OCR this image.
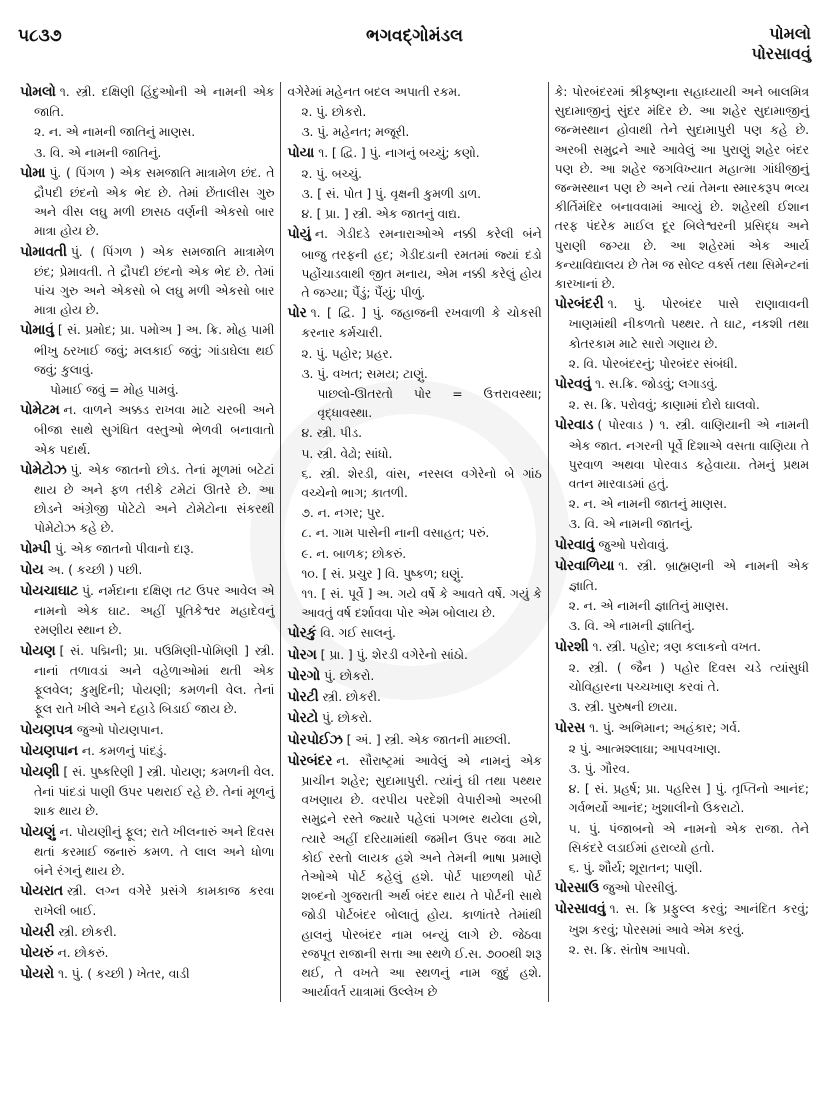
૫૮૩૭	ભગવદ્ગોમંડલ	પોમલો
પોરસાવવું

પોમલો ૧. સ્ત્રી. દક્ષિણી હિંદુઓની એ નામની એક જાતિ.

૨. ન. એ નામની જાતિનું માણસ.

૩. વિ. એ નામની જાતિનું.

પોમા પું. ( પિંગળ ) એક સમજાતિ માત્રામેળ છંદ. તે દ્રૌપદી છંદનો એક ભેદ છે. તેમાં છેંતાલીસ ગુરુ અને વીસ લઘુ મળી છાસઠ વર્ણની એકસો બાર માત્રા હોય છે.

પોમાવતી પું. ( પિંગળ ) એક સમજાતિ માત્રામેળ છંદ; પ્રેમાવતી. તે દ્રૌપદી છંદનો એક ભેદ છે. તેમાં પાંચ ગુરુ અને એકસો બે લઘુ મળી એકસો બાર માત્રા હોય છે.

પોમાવું [ સં. પ્રમોદ; પ્રા. પમોઅ ] અ. ક્રિ. મોહ પામી ભીખુ ઠરખાઈ જવું; મલકાઈ જવું; ગાંડાઘેલા થઈ જવું; કુલાવું.

પોમાઈ જવું = મોહ પામવું.

પોમેટમ ન. વાળને અક્કડ રાખવા માટે ચરબી અને બીજા સાથે સુગંધિત વસ્તુઓ ભેળવી બનાવાતો એક પદાર્થ.

પોમેટોઝ પું. એક જાતનો છોડ. તેનાં મૂળમાં બટેટાં થાય છે અને ફળ તરીકે ટમેટાં ઊતરે છે. આ છોડને અંગ્રેજી પોટેટો અને ટોમેટોના સંકરથી પોમેટોઝ કહે છે.

પોમ્પી પું. એક જાતનો પીવાનો દારૂ.

પોય અ. ( કચ્છી ) પછી.

પોયચાઘાટ પું. નર્મદાના દક્ષિણ તટ ઉપર આવેલ એ નામનો એક ઘાટ. અહીં પૂતિકેશ્વર મહાદેવનું રમણીય સ્થાન છે.

પોયણ [ સં. પદ્મિની; પ્રા. પઉમિણી-પોમિણી ] સ્ત્રી. નાનાં તળાવડાં અને વહેળાઓમાં થતી એક ફૂલવેલ; કુમુદિની; પોયણી; કમળની વેલ. તેનાં ફૂલ રાતે ખીલે અને દહાડે બિડાઈ જાય છે.

પોયણપત્ર જુઓ પોયણપાન.

પોયણપાન ન. કમળનું પાંદડું.

પોયણી [ સં. પુષ્કરિણી ] સ્ત્રી. પોયણ; કમળની વેલ. તેનાં પાંદડાં પાણી ઉપર પથરાઈ રહે છે. તેનાં મૂળનું શાક થાય છે.

પોયણું ન. પોયણીનું ફૂલ; રાતે ખીલનારું અને દિવસ થતાં કરમાઈ જનારું કમળ. તે લાલ અને ધોળા બંને રંગનું થાય છે.

પોયરાત સ્ત્રી. લગ્ન વગેરે પ્રસંગે કામકાજ કરવા રાખેલી બાઈ.

પોયરી સ્ત્રી. છોકરી.

પોયરું ન. છોકરું.

પોયરો ૧. પું. ( કચ્છી ) ખેતર, વાડી

વગેરેમાં મહેનત બદલ અપાતી રકમ.

૨. પું. છોકરો.

૩. પું. મહેનત; મજૂરી.

પોયા ૧. [ દ્વિ. ] પું. નાગનું બચ્ચું; કણો.

૨. પું. બચ્ચું.

૩. [ સં. પોત ] પું. વૃક્ષની કુમળી ડાળ.

૪. [ પ્રા. ] સ્ત્રી. એક જાતનું વાદ્ય.

પોયું ન. ગેડીદડે રમનારાઓએ નક્કી કરેલી બંને બાજુ તરફની હદ; ગેડીદડાની રમતમાં જ્યાં દડો પહોંચાડવાથી જીત મનાય, એમ નક્કી કરેલું હોય તે જગ્યા; પૈંડું; પૈંયું; પીળું.

પોર ૧. [ દ્વિ. ] પું. જહાજની રખવાળી કે ચોકસી કરનાર કર્મચારી.

૨. પું. પહોર; પ્રહર.

૩. પું. વખત; સમય; ટાણું.

પાછલો-ઊતરતો પોર = ઉત્તરાવસ્થા; વૃદ્ધાવસ્થા.

૪. સ્ત્રી. પીડ.

૫. સ્ત્રી. વેઢો; સાંધો.

૬. સ્ત્રી. શેરડી, વાંસ, નરસલ વગેરેનો બે ગાંઠ વચ્ચેનો ભાગ; કાતળી.

૭. ન. નગર; પુર.

૮. ન. ગામ પાસેની નાની વસાહત; પરું.

૯. ન. બાળક; છોકરું.

૧૦. [ સં. પ્રચુર ] વિ. પુષ્કળ; ઘણું.

૧૧. [ સં. પૂર્વે ] અ. ગયે વર્ષે કે આવતે વર્ષે. ગયું કે આવતું વર્ષ દર્શાવવા પોર એમ બોલાય છે.

પોરકું વિ. ગઈ સાલનું.

પોરગ [ પ્રા. ] પું. શેરડી વગેરેનો સાંઠો.

પોરગો પું. છોકરો.

પોરટી સ્ત્રી. છોકરી.

પોરટો પું. છોકરો.

પોરપોઈઝ [ અં. ] સ્ત્રી. એક જાતની માછલી.

પોરબંદર ન. સૌરાષ્ટ્રમાં આવેલું એ નામનું એક પ્રાચીન શહેર; સુદામાપુરી. ત્યાંનું ઘી તથા પથ્થર વખણાય છે. વરપીય પરદેશી વેપારીઓ અરબી સમુદ્રને રસ્તે જ્યારે પહેલાં પગભર થયેલા હશે, ત્યારે અહીં દરિયામાંથી જમીન ઉપર જવા માટે કોઈ રસ્તો લાયક હશે અને તેમની ભાષા પ્રમાણે તેઓએ પોર્ટ કહેલું હશે. પોર્ટ પાછળથી પોર્ટ શબ્દનો ગુજરાતી અર્થ બંદર થાય તે પોર્ટની સાથે જોડી પોર્ટબંદર બોલાતું હોય. કાળાંતરે તેમાંથી હાલનું પોરબંદર નામ બન્યું લાગે છે. જેઠવા રજપૂત રાજાની સત્તા આ સ્થળે ઈ.સ. ૭૦૦થી શરૂ થઈ, તે વખતે આ સ્થળનું નામ જુદું હશે. આર્યાવર્ત યાત્રામાં ઉલ્લેખ છે

કે: પોરબંદરમાં શ્રીકૃષ્ણના સહાધ્યાયી અને બાલમિત્ર સુદામાજીનું સુંદર મંદિર છે. આ શહેર સુદામાજીનું જન્મસ્થાન હોવાથી તેને સુદામાપુરી પણ કહે છે. અરબી સમુદ્રને આરે આવેલું આ પુરાણું શહેર બંદર પણ છે. આ શહેર જગવિખ્યાત મહાત્મા ગાંધીજીનું જન્મસ્થાન પણ છે અને ત્યાં તેમના સ્મારકરૂપ ભવ્ય કીર્તિમંદિર બનાવવામાં આવ્યું છે. શહેરથી ઈશાન તરફ પંદરેક માઈલ દૂર બિલેશ્વરની પ્રસિદ્ધ અને પુરાણી જગ્યા છે. આ શહેરમાં એક આર્ય કન્યાવિદ્યાલય છે તેમ જ સોલ્ટ વર્ક્સ તથા સિમેન્ટનાં કારખાનાં છે.

પોરબંદરી ૧. પું. પોરબંદર પાસે રાણાવાવની ખાણમાંથી નીકળતો પથ્થર. તે ઘાટ, નકશી તથા કોતરકામ માટે સારો ગણાય છે.

૨. વિ. પોરબંદરનું; પોરબંદર સંબંધી.

પોરવવું ૧. સ.ક્રિ. જોડવું; લગાડવું.

૨. સ. ક્રિ. પરોવવું; કાણામાં દોરો ઘાલવો.

પોરવાડ ( પોરવાડ ) ૧. સ્ત્રી. વાણિયાની એ નામની એક જાત. નગરની પૂર્વે દિશાએ વસતા વાણિયા તે પુરવાળ અથવા પોરવાડ કહેવાયા. તેમનું પ્રથમ વતન મારવાડમાં હતું.

૨. ન. એ નામની જાતનું માણસ.

૩. વિ. એ નામની જાતનું.

પોરવાવું જુઓ પરોવાવું.

પોરવાળિયા ૧. સ્ત્રી. બ્રાહ્મણની એ નામની એક જ્ઞાતિ.

૨. ન. એ નામની જ્ઞાતિનું માણસ.

૩. વિ. એ નામની જ્ઞાતિનું.

પોરશી ૧. સ્ત્રી. પહોર; ત્રણ કલાકનો વખત.

૨. સ્ત્રી. ( જૈન ) પહોર દિવસ ચડે ત્યાંસુધી ચોવિહારના પચ્ચખાણ કરવાં તે.

૩. સ્ત્રી. પુરુષની છાયા.

પોરસ ૧. પું. અભિમાન; અહંકાર; ગર્વ.

૨ પું. આત્મશ્લાઘા; આપવખાણ.

૩. પું. ગૌરવ.

૪. [ સં. પ્રહર્ષ; પ્રા. પહરિસ ] પું. તૃપ્તિનો આનંદ; ગર્વભર્યો આનંદ; ખુશાલીનો ઉકરાટો.

૫. પું. પંજાબનો એ નામનો એક રાજા. તેને સિકંદરે લડાઈમાં હરાવ્યો હતો.

૬. પું. શૌર્ય; શૂરાતન; પાણી.

પોરસાઉ જુઓ પોરસીલું.

પોરસાવવું ૧. સ. ક્રિ પ્રફુલ્લ કરવું; આનંદિત કરવું; ખુશ કરવું; પોરસમાં આવે એમ કરવું.

૨. સ. ક્રિ. સંતોષ આપવો.
